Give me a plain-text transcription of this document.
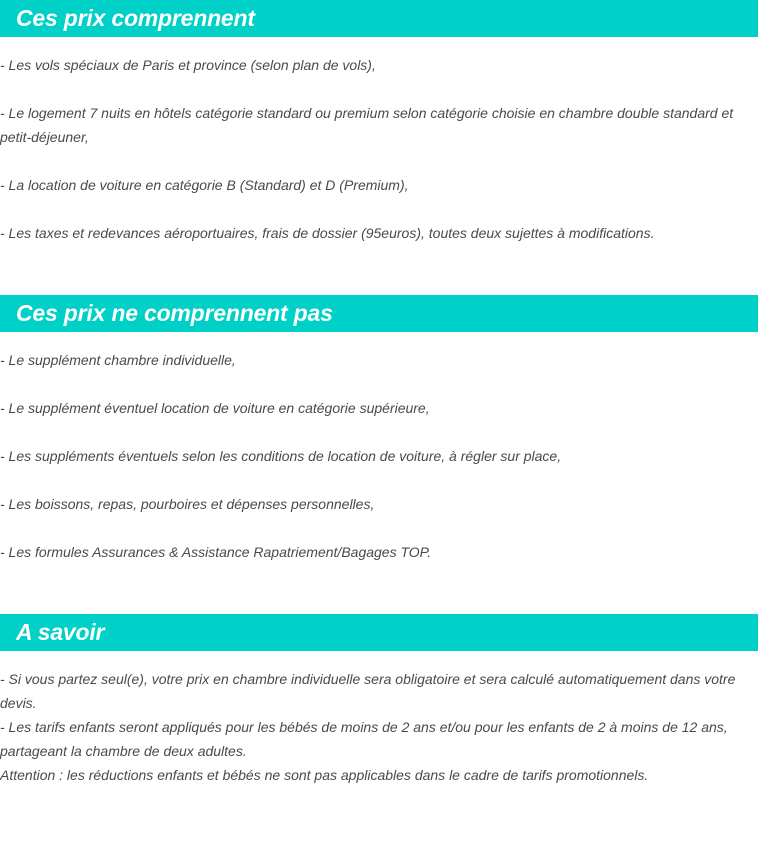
Ces prix comprennent

- Les vols spéciaux de Paris et province (selon plan de vols),

- Le logement 7 nuits en hôtels catégorie standard ou premium selon catégorie choisie en chambre double standard et petit-déjeuner,

- La location de voiture en catégorie B (Standard) et D (Premium),

- Les taxes et redevances aéroportuaires, frais de dossier (95euros), toutes deux sujettes à modifications.

Ces prix ne comprennent pas

- Le supplément chambre individuelle,

- Le supplément éventuel location de voiture en catégorie supérieure,

- Les suppléments éventuels selon les conditions de location de voiture, à régler sur place,

- Les boissons, repas, pourboires et dépenses personnelles,

- Les formules Assurances & Assistance Rapatriement/Bagages TOP.

A savoir

- Si vous partez seul(e), votre prix en chambre individuelle sera obligatoire et sera calculé automatiquement dans votre devis.

- Les tarifs enfants seront appliqués pour les bébés de moins de 2 ans et/ou pour les enfants de 2 à moins de 12 ans, partageant la chambre de deux adultes.

Attention : les réductions enfants et bébés ne sont pas applicables dans le cadre de tarifs promotionnels.
